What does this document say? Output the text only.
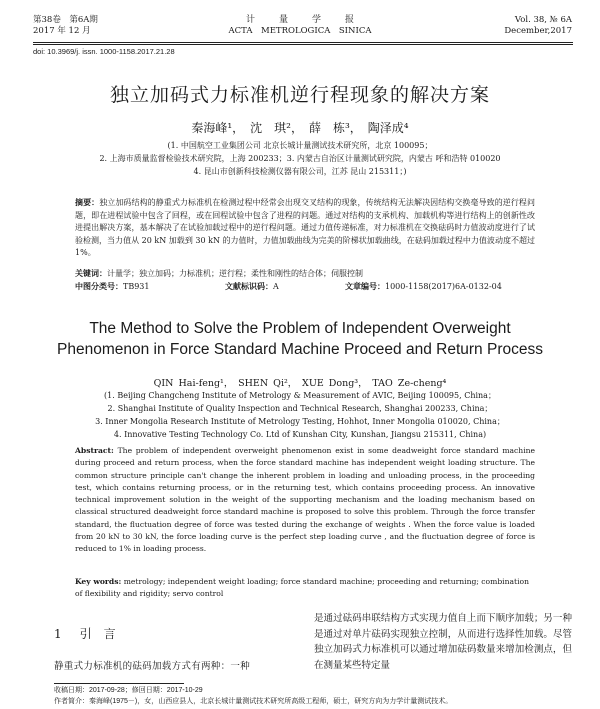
第38卷　第6A期
2017 年 12 月
计量学报
ACTA　METROLOGICA　SINICA
Vol. 38, № 6A
December,2017
doi: 10.3969/j. issn. 1000-1158.2017.21.28
独立加码式力标准机逆行程现象的解决方案
秦海峰¹，　沈　琪²，　薛　栋³，　陶泽成⁴
(1. 中国航空工业集团公司 北京长城计量测试技术研究所，北京 100095；
2. 上海市质量监督检验技术研究院，上海 200233；3. 内蒙古自治区计量测试研究院，内蒙古 呼和浩特 010020
4. 昆山市创新科技检测仪器有限公司，江苏 昆山 215311；)
摘要：独立加码结构的静重式力标准机在检测过程中经常会出现交叉结构的现象，传统结构无法解决因结构交换毫导致的逆行程问题，即在进程试验中包含了回程，或在回程试验中包含了进程的问题。通过对结构的支承机构、加载机构等进行结构上的创新性改进提出解决方案，基本解决了在试验加载过程中的逆行程问题。通过力值传递标准，对力标准机在交换砝码时力值波动度进行了试验检测，当力值从 20 kN 加载到 30 kN 的力值时，力值加载曲线为完美的阶梯状加载曲线，在砝码加载过程中力值波动度不超过 1%。
关键词：计量学；独立加码；力标准机；逆行程；柔性和刚性的结合体；伺服控制
中图分类号：TB931	文献标识码：A	文章编号：1000-1158(2017)6A-0132-04
The Method to Solve the Problem of Independent Overweight
Phenomenon in Force Standard Machine Proceed and Return Process
QIN Hai-feng¹，　SHEN Qi²，　XUE Dong³，　TAO Ze-cheng⁴
(1. Beijing Changcheng Institute of Metrology & Measurement of AVIC, Beijing 100095, China；
2. Shanghai Institute of Quality Inspection and Technical Research, Shanghai 200233, China；
3. Inner Mongolia Research Institute of Metrology Testing, Hohhot, Inner Mongolia 010020, China；
4. Innovative Testing Technology Co. Ltd of Kunshan City, Kunshan, Jiangsu 215311, China)
Abstract: The problem of independent overweight phenomenon exist in some deadweight force standard machine during proceed and return process, when the force standard machine has independent weight loading structure. The common structure principle can't change the inherent problem in loading and unloading process, in the proceeding test, which contains returning process, or in the returning test, which contains proceeding process. An innovative technical improvement solution in the weight of the supporting mechanism and the loading mechanism based on classical structured deadweight force standard machine is proposed to solve this problem. Through the force transfer standard, the fluctuation degree of force was tested during the exchange of weights . When the force value is loaded from 20 kN to 30 kN, the force loading curve is the perfect step loading curve , and the fluctuation degree of force is reduced to 1% in loading process.
Key words: metrology; independent weight loading; force standard machine; proceeding and returning; combination of flexibility and rigidity; servo control
1 引　言
静重式力标准机的砝码加载方式有两种：一种
是通过砝码串联结构方式实现力值自上而下顺序加载；另一种是通过对单片砝码实现独立控制，从而进行选择性加载。尽管独立加码式力标准机可以通过增加砝码数量来增加检测点，但在测量某些特定量
收稿日期：2017-09-28；修回日期：2017-10-29
作者简介：秦海峰(1975－)，女，山西应县人，北京长城计量测试技术研究所高级工程师，硕士，研究方向为力学计量测试技术。
